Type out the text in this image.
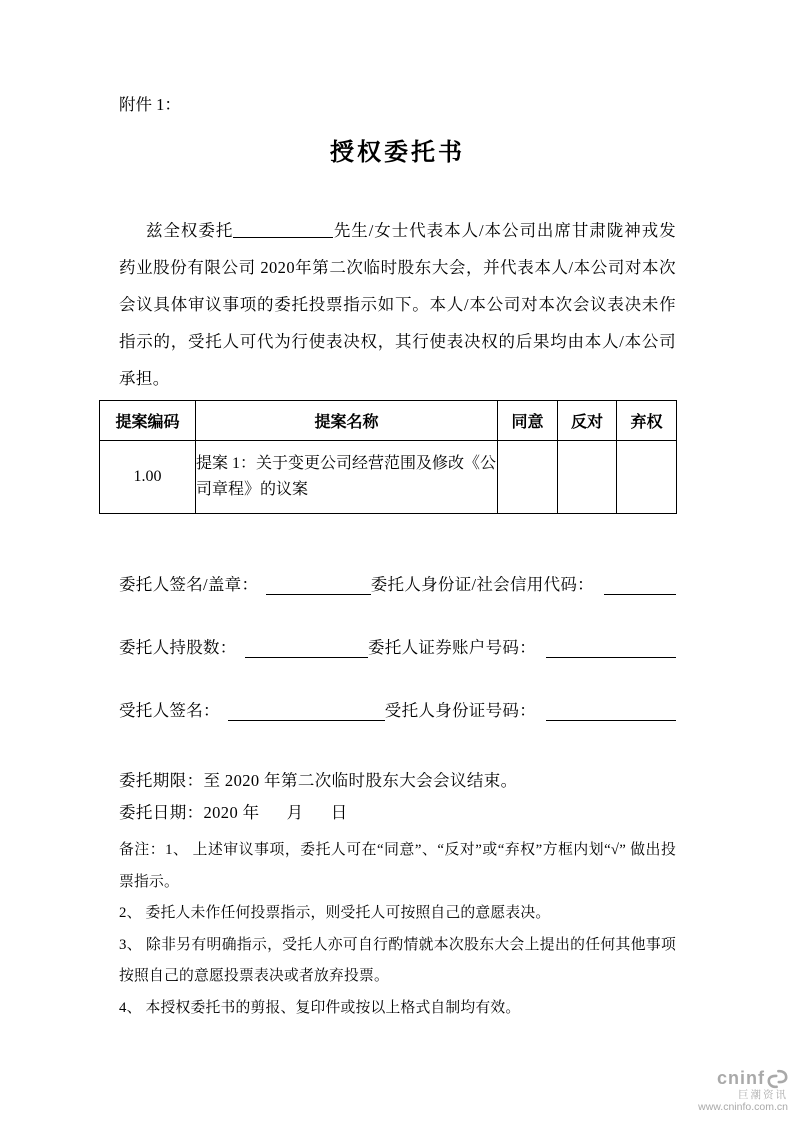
附件 1：

授权委托书

兹全权委托	先生/女士代表本人/本公司出席甘肃陇神戎发药业股份有限公司 2020年第二次临时股东大会，并代表本人/本公司对本次会议具体审议事项的委托投票指示如下。本人/本公司对本次会议表决未作指示的，受托人可代为行使表决权，其行使表决权的后果均由本人/本公司承担。

提案编码	提案名称	同意	反对	弃权
1.00	提案 1：关于变更公司经营范围及修改《公司章程》的议案			
委托人签名/盖章：	委托人身份证/社会信用代码：
委托人持股数：	委托人证券账户号码：
受托人签名：	受托人身份证号码：

委托期限：至 2020 年第二次临时股东大会会议结束。

委托日期：2020 年      月      日

备注：1、 上述审议事项，委托人可在“同意”、“反对”或“弃权”方框内划“√” 做出投票指示。

2、 委托人未作任何投票指示，则受托人可按照自己的意愿表决。

3、 除非另有明确指示，受托人亦可自行酌情就本次股东大会上提出的任何其他事项按照自己的意愿投票表决或者放弃投票。

4、 本授权委托书的剪报、复印件或按以上格式自制均有效。

cninf
巨潮资讯
www.cninfo.com.cn
